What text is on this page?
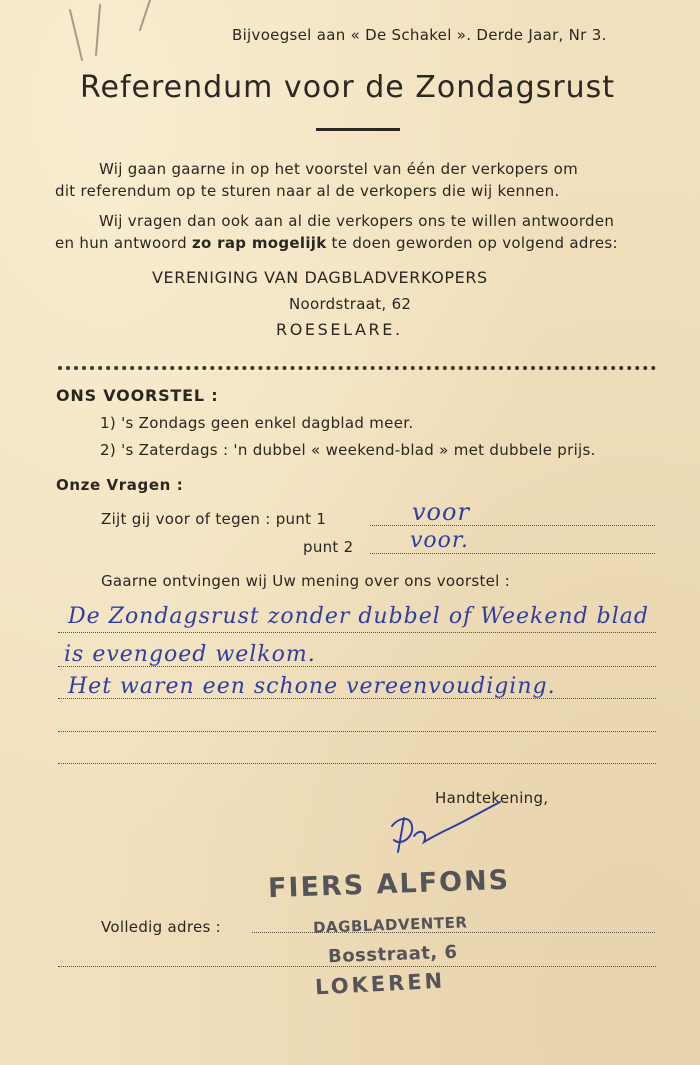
Bijvoegsel aan « De Schakel ». Derde Jaar, Nr 3.
Referendum voor de Zondagsrust
Wij gaan gaarne in op het voorstel van één der verkopers om
dit referendum op te sturen naar al de verkopers die wij kennen.
Wij vragen dan ook aan al die verkopers ons te willen antwoorden
en hun antwoord zo rap mogelijk te doen geworden op volgend adres:
VERENIGING VAN DAGBLADVERKOPERS
Noordstraat, 62
ROESELARE.
ONS VOORSTEL :
1) 's Zondags geen enkel dagblad meer.
2) 's Zaterdags : 'n dubbel « weekend-blad » met dubbele prijs.
Onze Vragen :
Zijt gij voor of tegen : punt 1
punt 2
Gaarne ontvingen wij Uw mening over ons voorstel :
voor
voor.
De Zondagsrust zonder dubbel of Weekend blad
is evengoed welkom.
Het waren een schone vereenvoudiging.
Handtekening,
Volledig adres :
FIERS ALFONS
DAGBLADVENTER
Bosstraat, 6
LOKEREN
